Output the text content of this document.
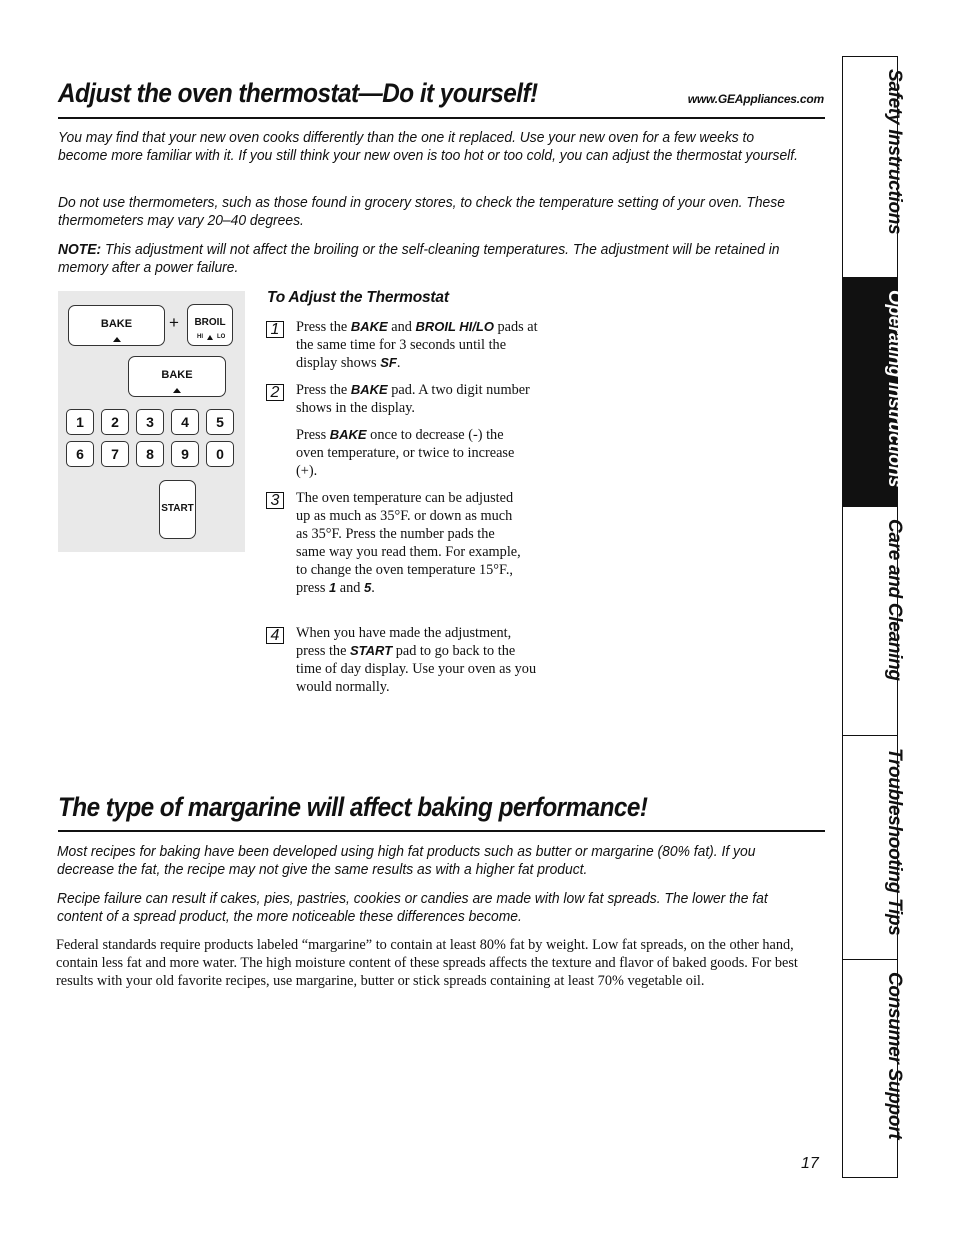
Adjust the oven thermostat—Do it yourself!	www.GEAppliances.com

You may find that your new oven cooks differently than the one it replaced. Use your new oven for a few weeks to become more familiar with it. If you still think your new oven is too hot or too cold, you can adjust the thermostat yourself.

Do not use thermometers, such as those found in grocery stores, to check the temperature setting of your oven. These thermometers may vary 20–40 degrees.

NOTE: This adjustment will not affect the broiling or the self-cleaning temperatures. The adjustment will be retained in memory after a power failure.

BAKE	+	BROIL
HI LO
BAKE
1	2	3	4	5
6	7	8	9	0
START
To Adjust the Thermostat
1	Press the BAKE and BROIL HI/LO pads at the same time for 3 seconds until the display shows SF.

2	Press the BAKE pad. A two digit number shows in the display.

Press BAKE once to decrease (-) the oven temperature, or twice to increase (+).

3	The oven temperature can be adjusted up as much as 35°F. or down as much as 35°F. Press the number pads the same way you read them. For example, to change the oven temperature 15°F., press 1 and 5.

4	When you have made the adjustment, press the START pad to go back to the time of day display. Use your oven as you would normally.

The type of margarine will affect baking performance!

Most recipes for baking have been developed using high fat products such as butter or margarine (80% fat). If you decrease the fat, the recipe may not give the same results as with a higher fat product.

Recipe failure can result if cakes, pies, pastries, cookies or candies are made with low fat spreads. The lower the fat content of a spread product, the more noticeable these differences become.

Federal standards require products labeled “margarine” to contain at least 80% fat by weight. Low fat spreads, on the other hand, contain less fat and more water. The high moisture content of these spreads affects the texture and flavor of baked goods. For best results with your old favorite recipes, use margarine, butter or stick spreads containing at least 70% vegetable oil.

Safety Instructions
Operating Instructions
Care and Cleaning
Troubleshooting Tips
Consumer Support
17
